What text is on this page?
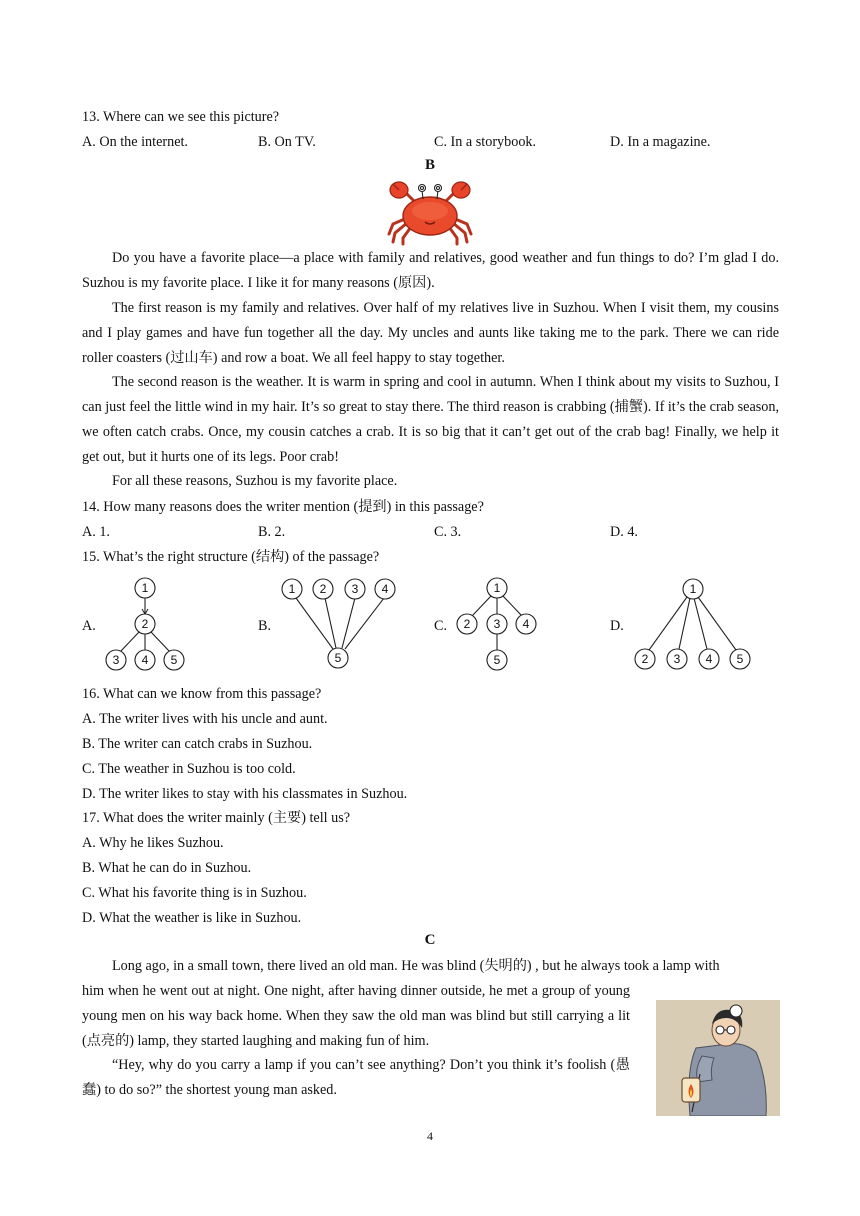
13. Where can we see this picture?
A. On the internet.	B. On TV.	C. In a storybook.	D. In a magazine.
B
Do you have a favorite place—a place with family and relatives, good weather and fun things to do? I’m glad I do. Suzhou is my favorite place. I like it for many reasons (原因).
The first reason is my family and relatives. Over half of my relatives live in Suzhou. When I visit them, my cousins and I play games and have fun together all the day. My uncles and aunts like taking me to the park. There we can ride roller coasters (过山车) and row a boat. We all feel happy to stay together.
The second reason is the weather. It is warm in spring and cool in autumn. When I think about my visits to Suzhou, I can just feel the little wind in my hair. It’s so great to stay there. The third reason is crabbing (捕蟹). If it’s the crab season, we often catch crabs. Once, my cousin catches a crab. It is so big that it can’t get out of the crab bag! Finally, we help it get out, but it hurts one of its legs. Poor crab!
For all these reasons, Suzhou is my favorite place.
14. How many reasons does the writer mention (提到) in this passage?
A. 1.	B. 2.	C. 3.	D. 4.
15. What’s the right structure (结构) of the passage?
A.	B.	C.	D.
1
2
3 4 5
1 2 3 4
5
1
2 3 4
5
1
2 3 4 5
16. What can we know from this passage?
A. The writer lives with his uncle and aunt.
B. The writer can catch crabs in Suzhou.
C. The weather in Suzhou is too cold.
D. The writer likes to stay with his classmates in Suzhou.
17. What does the writer mainly (主要) tell us?
A. Why he likes Suzhou.
B. What he can do in Suzhou.
C. What his favorite thing is in Suzhou.
D. What the weather is like in Suzhou.
C
Long ago, in a small town, there lived an old man. He was blind (失明的) , but he always took a lamp with
him when he went out at night. One night, after having dinner outside, he met a group of young young men on his way back home. When they saw the old man was blind but still carrying a lit (点亮的) lamp, they started laughing and making fun of him.
“Hey, why do you carry a lamp if you can’t see anything? Don’t you think it’s foolish (愚蠢) to do so?” the shortest young man asked.
4
